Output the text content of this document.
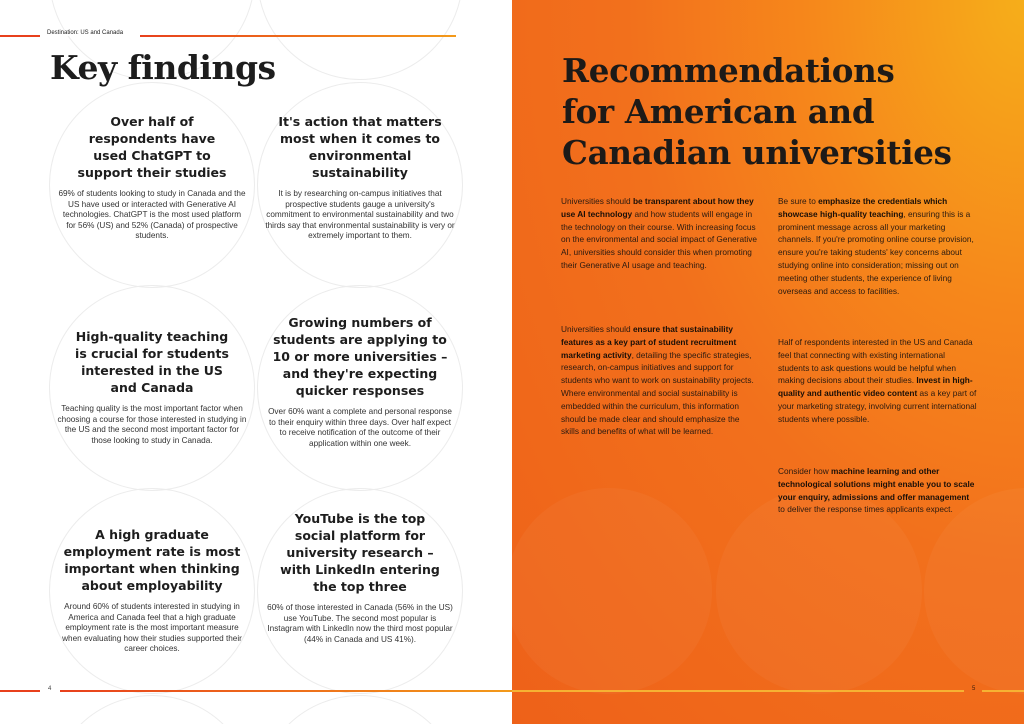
Destination: US and Canada
Key findings
Over half of respondents have used ChatGPT to support their studies

69% of students looking to study in Canada and the US have used or interacted with Generative AI technologies. ChatGPT is the most used platform for 56% (US) and 52% (Canada) of prospective students.

It's action that matters most when it comes to environmental sustainability

It is by researching on-campus initiatives that prospective students gauge a university's commitment to environmental sustainability and two thirds say that environmental sustainability is very or extremely important to them.

High-quality teaching is crucial for students interested in the US and Canada

Teaching quality is the most important factor when choosing a course for those interested in studying in the US and the second most important factor for those looking to study in Canada.

Growing numbers of students are applying to 10 or more universities – and they're expecting quicker responses

Over 60% want a complete and personal response to their enquiry within three days. Over half expect to receive notification of the outcome of their application within one week.

A high graduate employment rate is most important when thinking about employability

Around 60% of students interested in studying in America and Canada feel that a high graduate employment rate is the most important measure when evaluating how their studies supported their career choices.

YouTube is the top social platform for university research – with LinkedIn entering the top three

60% of those interested in Canada (56% in the US) use YouTube. The second most popular is Instagram with LinkedIn now the third most popular (44% in Canada and US 41%).

4	5
Recommendations
for American and
Canadian universities

Universities should be transparent about how they use AI technology and how students will engage in the technology on their course. With increasing focus on the environmental and social impact of Generative AI, universities should consider this when promoting their Generative AI usage and teaching.

Universities should ensure that sustainability features as a key part of student recruitment marketing activity, detailing the specific strategies, research, on-campus initiatives and support for students who want to work on sustainability projects. Where environmental and social sustainability is embedded within the curriculum, this information should be made clear and should emphasize the skills and benefits of what will be learned.

Be sure to emphasize the credentials which showcase high-quality teaching, ensuring this is a prominent message across all your marketing channels. If you're promoting online course provision, ensure you're taking students' key concerns about studying online into consideration; missing out on meeting other students, the experience of living overseas and access to facilities.

Half of respondents interested in the US and Canada feel that connecting with existing international students to ask questions would be helpful when making decisions about their studies. Invest in high-quality and authentic video content as a key part of your marketing strategy, involving current international students where possible.

Consider how machine learning and other technological solutions might enable you to scale your enquiry, admissions and offer management to deliver the response times applicants expect.
